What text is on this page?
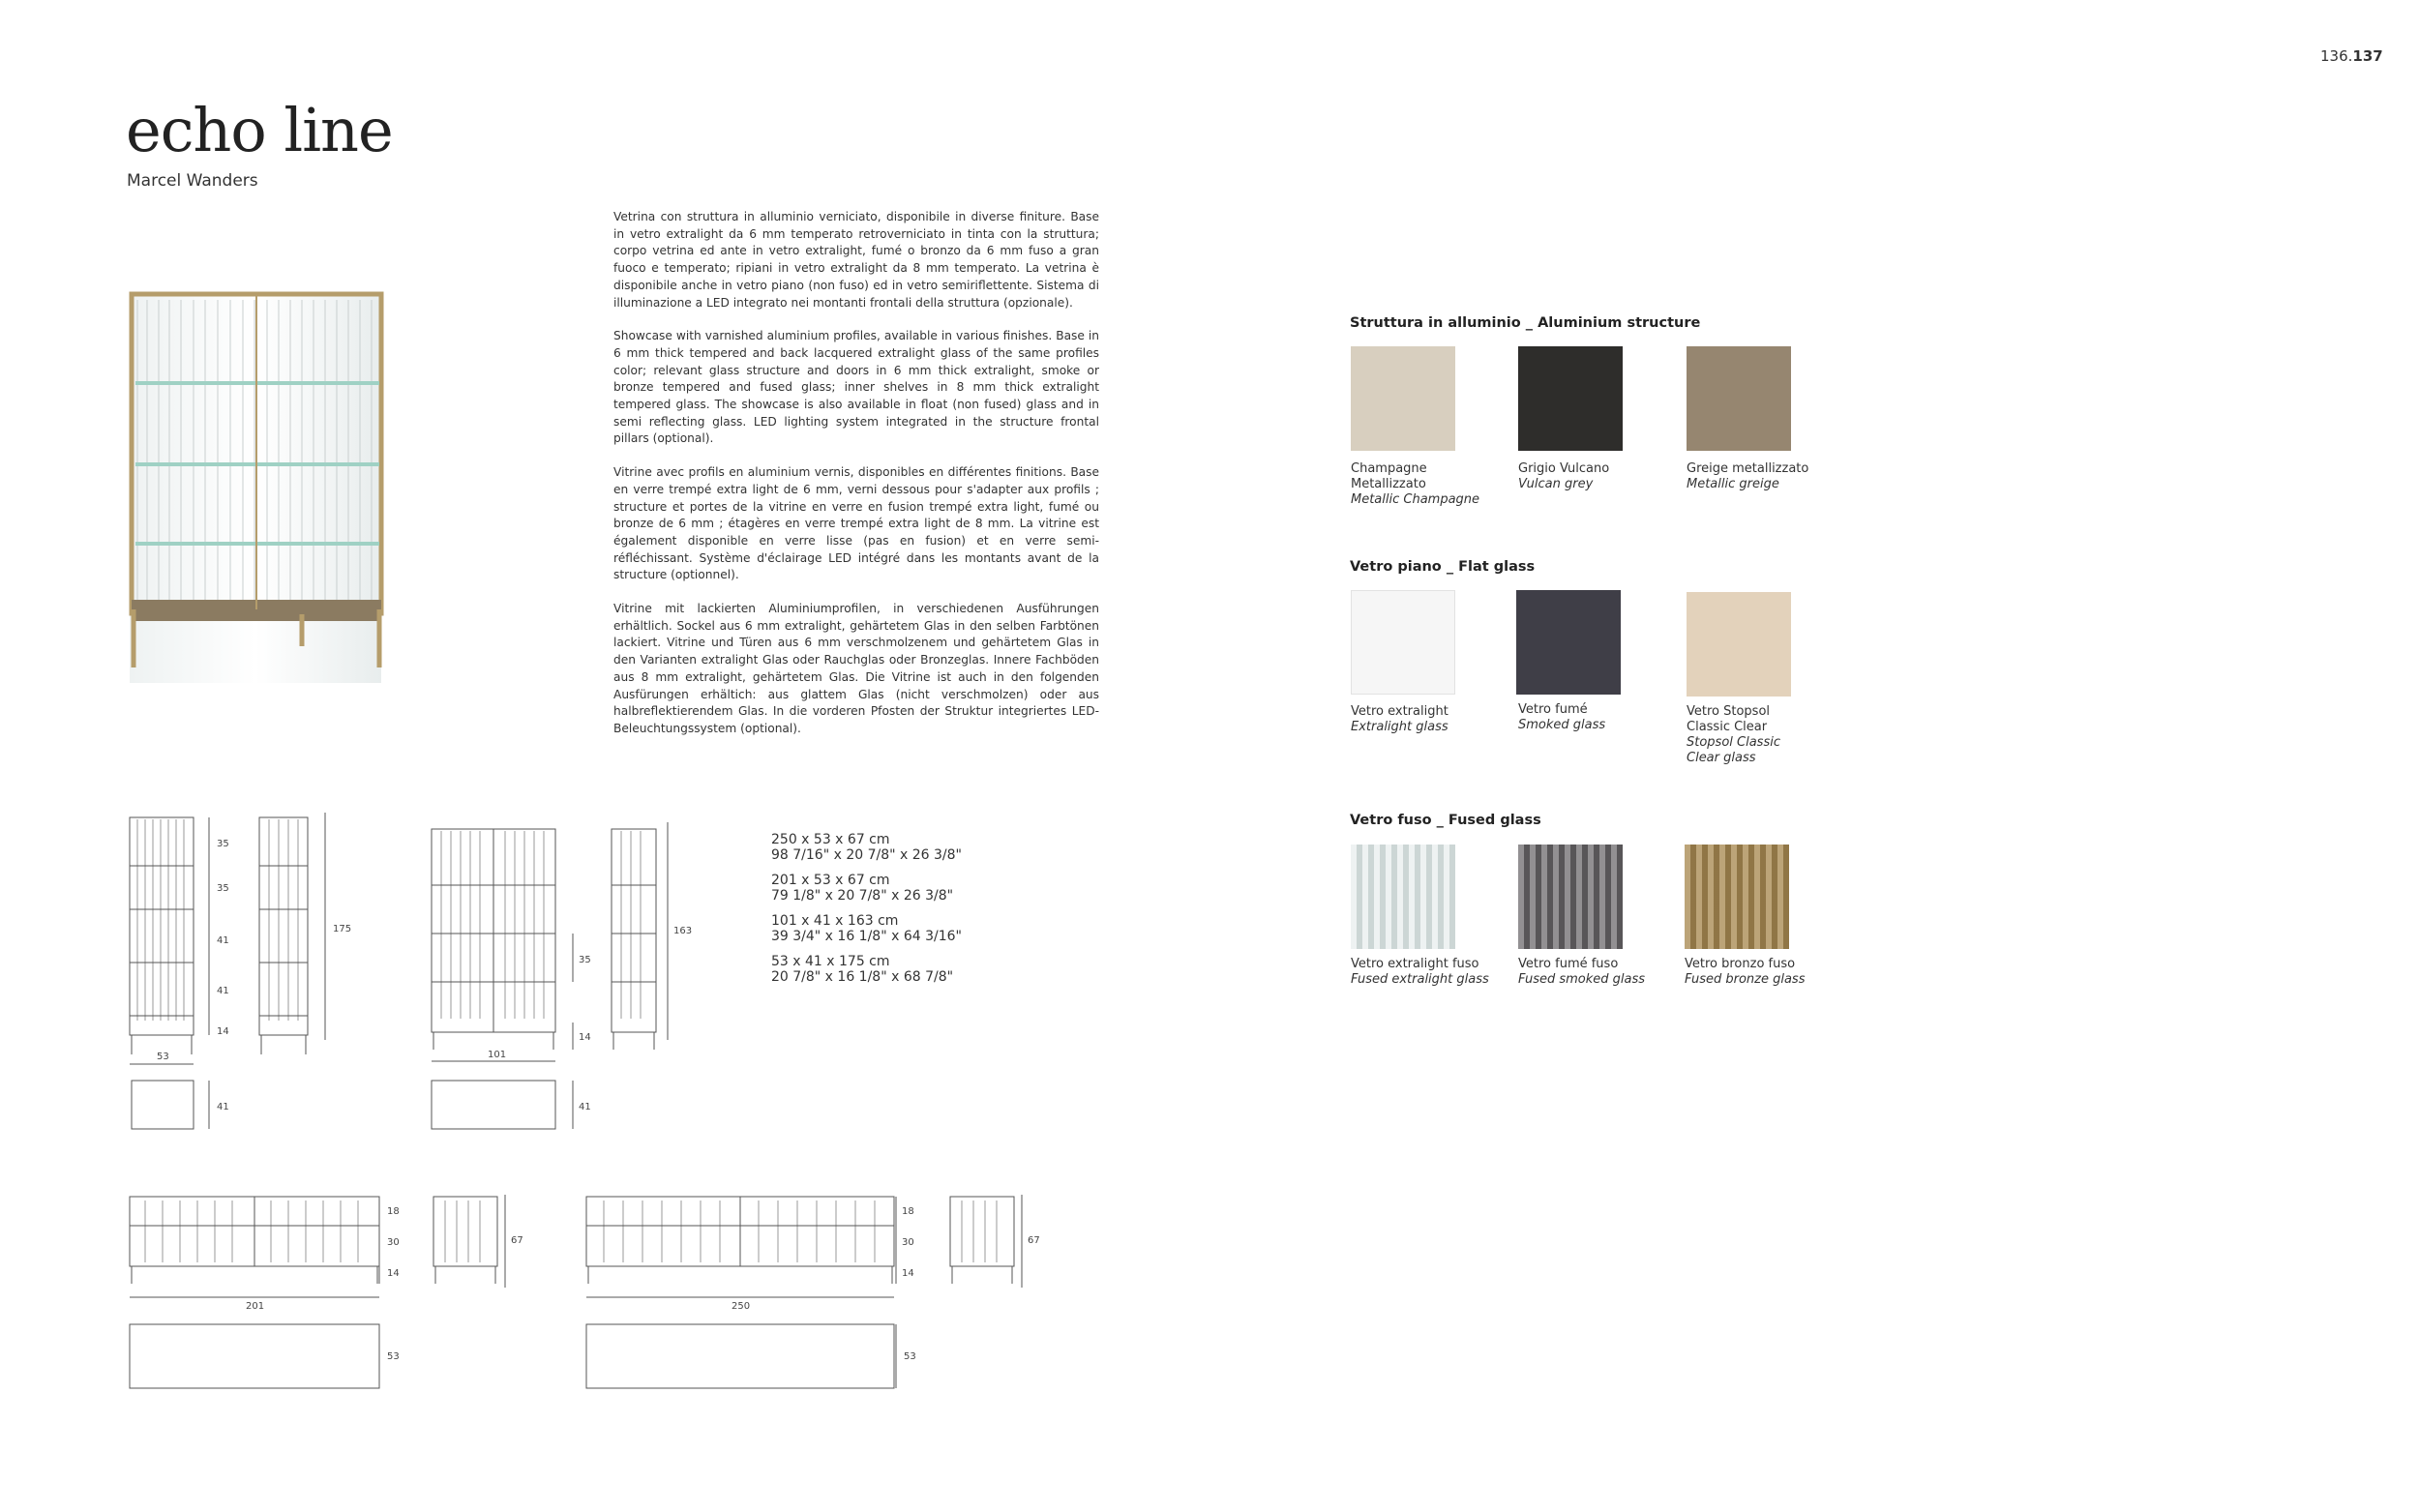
136.137
echo line
Marcel Wanders

Vetrina con struttura in alluminio verniciato, disponibile in diverse finiture. Base in vetro extralight da 6 mm temperato retroverniciato in tinta con la struttura; corpo vetrina ed ante in vetro extralight, fumé o bronzo da 6 mm fuso a gran fuoco e temperato; ripiani in vetro extralight da 8 mm temperato. La vetrina è disponibile anche in vetro piano (non fuso) ed in vetro semiriflettente. Sistema di illuminazione a LED integrato nei montanti frontali della struttura (opzionale).

Showcase with varnished aluminium profiles, available in various finishes. Base in 6 mm thick tempered and back lacquered extralight glass of the same profiles color; relevant glass structure and doors in 6 mm thick extralight, smoke or bronze tempered and fused glass; inner shelves in 8 mm thick extralight tempered glass. The showcase is also available in float (non fused) glass and in semi reflecting glass. LED lighting system integrated in the structure frontal pillars (optional).

Vitrine avec profils en aluminium vernis, disponibles en différentes finitions. Base en verre trempé extra light de 6 mm, verni dessous pour s'adapter aux profils ; structure et portes de la vitrine en verre en fusion trempé extra light, fumé ou bronze de 6 mm ; étagères en verre trempé extra light de 8 mm. La vitrine est également disponible en verre lisse (pas en fusion) et en verre semi-réfléchissant. Système d'éclairage LED intégré dans les montants avant de la structure (optionnel).

Vitrine mit lackierten Aluminiumprofilen, in verschiedenen Ausführungen erhältlich. Sockel aus 6 mm extralight, gehärtetem Glas in den selben Farbtönen lackiert. Vitrine und Türen aus 6 mm verschmolzenem und gehärtetem Glas in den Varianten extralight Glas oder Rauchglas oder Bronzeglas. Innere Fachböden aus 8 mm extralight, gehärtetem Glas. Die Vitrine ist auch in den folgenden Ausfürungen erhältich: aus glattem Glas (nicht verschmolzen) oder aus halbreflektierendem Glas. In die vorderen Pfosten der Struktur integriertes LED-Beleuchtungssystem (optional).

250 x 53 x 67 cm
98 7/16" x 20 7/8" x 26 3/8"
201 x 53 x 67 cm
79 1/8" x 20 7/8" x 26 3/8"
101 x 41 x 163 cm
39 3/4" x 16 1/8" x 64 3/16"
53 x 41 x 175 cm
20 7/8" x 16 1/8" x 68 7/8"
35
35
41
41
14
53
175
41
35
14
101
163
41
18
30
14
67
201
18
30
14
67
250
53	53
Struttura in alluminio _ Aluminium structure
Champagne Metallizzato
Metallic Champagne
Grigio Vulcano
Vulcan grey
Greige metallizzato
Metallic greige
Vetro piano _ Flat glass
Vetro extralight
Extralight glass
Vetro fumé
Smoked glass
Vetro Stopsol Classic Clear
Stopsol Classic Clear glass
Vetro fuso _ Fused glass
Vetro extralight fuso
Fused extralight glass
Vetro fumé fuso
Fused smoked glass
Vetro bronzo fuso
Fused bronze glass
